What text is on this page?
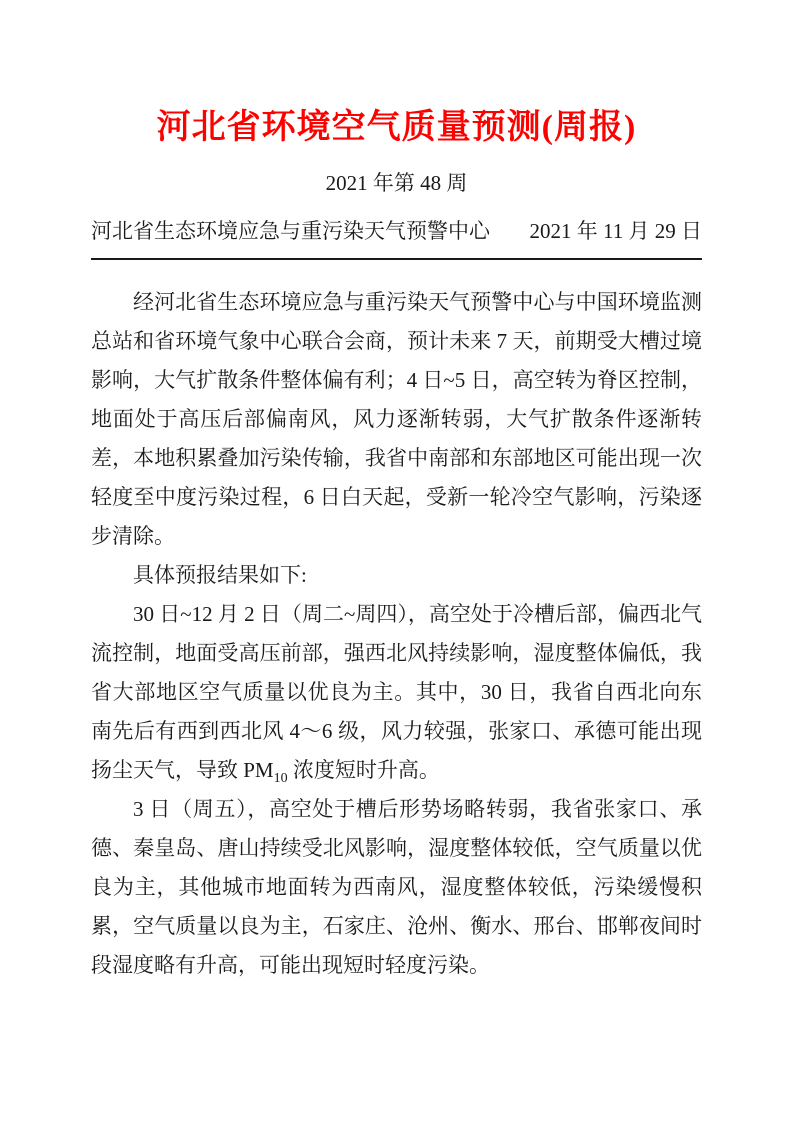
河北省环境空气质量预测(周报)
2021 年第 48 周
河北省生态环境应急与重污染天气预警中心 2021 年 11 月 29 日

经河北省生态环境应急与重污染天气预警中心与中国环境监测总站和省环境气象中心联合会商，预计未来 7 天，前期受大槽过境影响，大气扩散条件整体偏有利；4 日~5 日，高空转为脊区控制，地面处于高压后部偏南风，风力逐渐转弱，大气扩散条件逐渐转差，本地积累叠加污染传输，我省中南部和东部地区可能出现一次轻度至中度污染过程，6 日白天起，受新一轮冷空气影响，污染逐步清除。

具体预报结果如下:

30 日~12 月 2 日（周二~周四），高空处于冷槽后部，偏西北气流控制，地面受高压前部，强西北风持续影响，湿度整体偏低，我省大部地区空气质量以优良为主。其中，30 日，我省自西北向东南先后有西到西北风 4～6 级，风力较强，张家口、承德可能出现扬尘天气，导致 $PM_{10}$ 浓度短时升高。

3 日（周五），高空处于槽后形势场略转弱，我省张家口、承德、秦皇岛、唐山持续受北风影响，湿度整体较低，空气质量以优良为主，其他城市地面转为西南风，湿度整体较低，污染缓慢积累，空气质量以良为主，石家庄、沧州、衡水、邢台、邯郸夜间时段湿度略有升高，可能出现短时轻度污染。
